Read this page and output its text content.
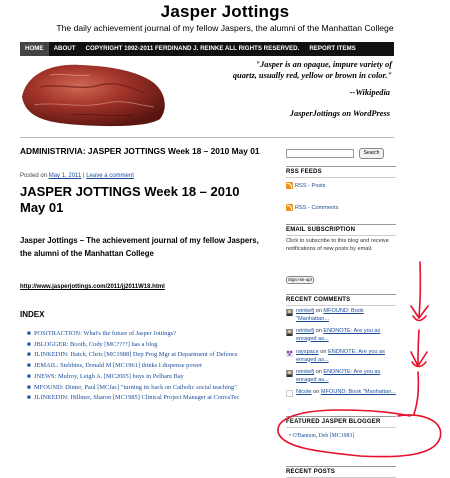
Jasper Jottings
The daily achievement journal of my fellow Jaspers, the alumni of the Manhattan College
HOME	ABOUT	COPYRIGHT 1992-2011 FERDINAND J. REINKE ALL RIGHTS RESERVED.	REPORT ITEMS
"Jasper is an opaque, impure variety of
quartz, usually red, yellow or brown in color."
--Wikipedia
JasperJottings on WordPress
ADMINISTRIVIA: JASPER JOTTINGS Week 18 – 2010 May 01
Posted on May 1, 2011 | Leave a comment
JASPER JOTTINGS Week 18 – 2010 May 01
Jasper Jottings – The achievement journal of my fellow Jaspers, the alumni of the Manhattan College
http://www.jasperjottings.com/2011/jj2011W18.html
INDEX
■ POSITRACTION: What's the future of Jasper Jottings?
■ JBLOGGER: Booth, Cody [MC????] has a blog
■ JLINKEDIN: Hatch, Chris [MC1988] Dep Prog Mgr at Department of Defence
■ JEMAIL: Stebbins, Donald M [MC1961] thinks I dispense power
■ JNEWS: Mulroy, Leigh A. [MC2005] buys in Pelham Bay
■ MFOUND: Dinter, Paul [MCfac] "turning its back on Catholic social teaching"
■ JLINKEDIN: Hillmer, Sharon [MC1985] Clinical Project Manager at ConvaTec
Search
RSS FEEDS
RSS - Posts
RSS - Comments
EMAIL SUBSCRIPTION
Click to subscribe to this blog and receive notifications of new posts by email.
Sign me up!
RECENT COMMENTS
reinkefj on MFOUND: Book "Manhattan...
reinkefj on ENDNOTE: Are you as enraged as...
rayspace on ENDNOTE: Are you as enraged as...
reinkefj on ENDNOTE: Are you as enraged as...
Nicole on MFOUND: Book "Manhattan...
FEATURED JASPER BLOGGER
• O'Bannon, Deb [MC1983]
RECENT POSTS
